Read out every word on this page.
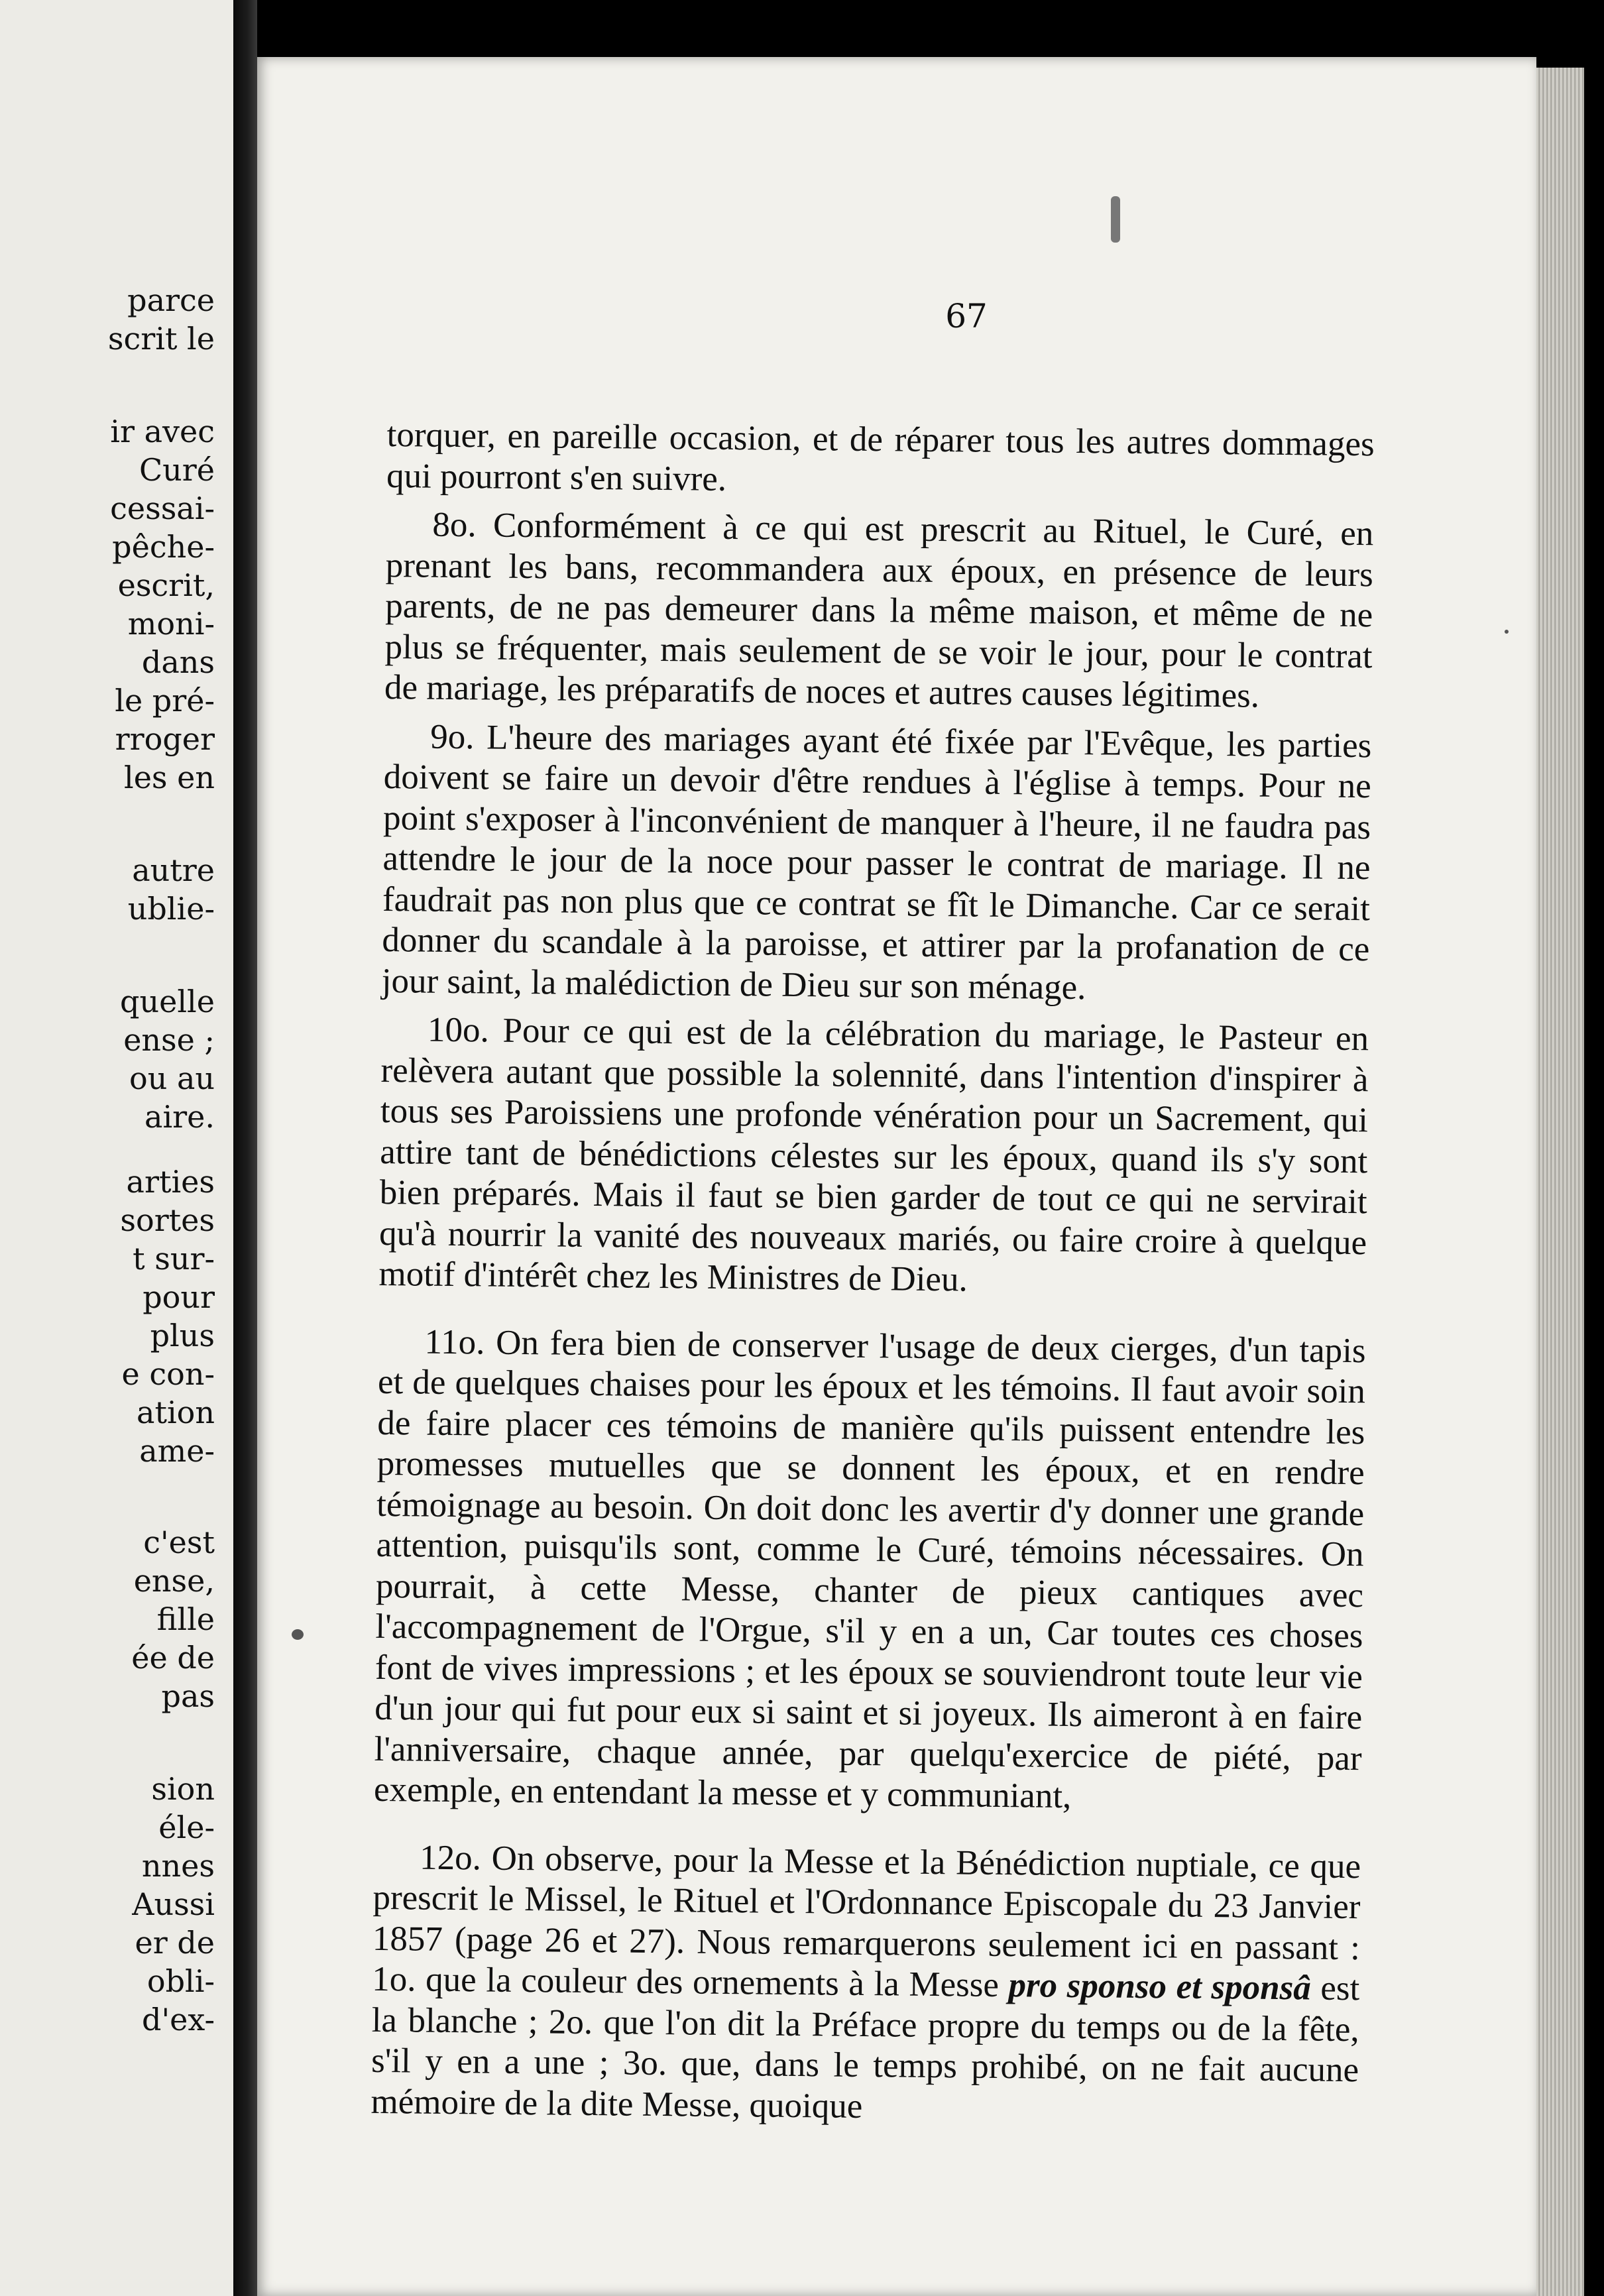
parce
scrit le
ir avec
Curé
cessai-
pêche-
escrit,
moni-
dans
le pré-
rroger
les en
autre
ublie-
quelle
ense ;
ou au
aire.
arties
sortes
t sur-
pour
plus
e con-
ation
ame-
c'est
ense,
fille
ée de
pas
sion
éle-
nnes
Aussi
er de
obli-
d'ex-
67

torquer, en pareille occasion, et de réparer tous les autres dommages qui pourront s'en suivre.

8o. Conformément à ce qui est prescrit au Rituel, le Curé, en prenant les bans, recommandera aux époux, en présence de leurs parents, de ne pas demeurer dans la même maison, et même de ne plus se fréquenter, mais seulement de se voir le jour, pour le contrat de mariage, les préparatifs de noces et autres causes légitimes.

9o. L'heure des mariages ayant été fixée par l'Evêque, les parties doivent se faire un devoir d'être rendues à l'église à temps. Pour ne point s'exposer à l'inconvénient de manquer à l'heure, il ne faudra pas attendre le jour de la noce pour passer le contrat de mariage. Il ne faudrait pas non plus que ce contrat se fît le Dimanche. Car ce serait donner du scandale à la paroisse, et attirer par la profanation de ce jour saint, la malédiction de Dieu sur son ménage.

10o. Pour ce qui est de la célébration du mariage, le Pasteur en relèvera autant que possible la solennité, dans l'intention d'inspirer à tous ses Paroissiens une profonde vénération pour un Sacrement, qui attire tant de bénédictions célestes sur les époux, quand ils s'y sont bien préparés. Mais il faut se bien garder de tout ce qui ne servirait qu'à nourrir la vanité des nouveaux mariés, ou faire croire à quelque motif d'intérêt chez les Ministres de Dieu.

11o. On fera bien de conserver l'usage de deux cierges, d'un tapis et de quelques chaises pour les époux et les témoins. Il faut avoir soin de faire placer ces témoins de manière qu'ils puissent entendre les promesses mutuelles que se donnent les époux, et en rendre témoignage au besoin. On doit donc les avertir d'y donner une grande attention, puisqu'ils sont, comme le Curé, témoins nécessaires. On pourrait, à cette Messe, chanter de pieux cantiques avec l'accompagnement de l'Orgue, s'il y en a un, Car toutes ces choses font de vives impressions ; et les époux se souviendront toute leur vie d'un jour qui fut pour eux si saint et si joyeux. Ils aimeront à en faire l'anniversaire, chaque année, par quelqu'exercice de piété, par exemple, en entendant la messe et y communiant,

12o. On observe, pour la Messe et la Bénédiction nuptiale, ce que prescrit le Missel, le Rituel et l'Ordonnance Episcopale du 23 Janvier 1857 (page 26 et 27). Nous remarquerons seulement ici en passant : 1o. que la couleur des ornements à la Messe pro sponso et sponsâ est la blanche ; 2o. que l'on dit la Préface propre du temps ou de la fête, s'il y en a une ; 3o. que, dans le temps prohibé, on ne fait aucune mémoire de la dite Messe, quoique
